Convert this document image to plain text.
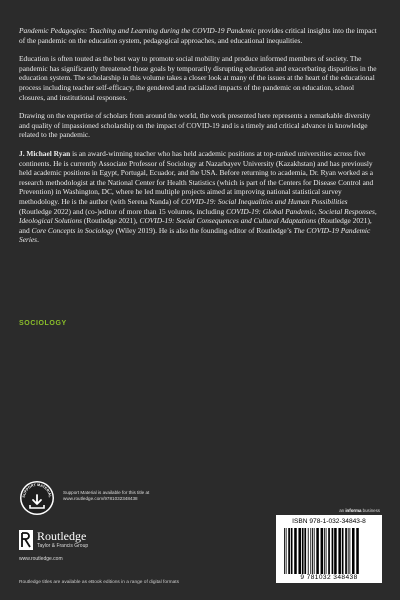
Pandemic Pedagogies: Teaching and Learning during the COVID-19 Pandemic provides critical insights into the impact of the pandemic on the education system, pedagogical approaches, and educational inequalities.

Education is often touted as the best way to promote social mobility and produce informed members of society. The pandemic has significantly threatened those goals by temporarily disrupting education and exacerbating disparities in the education system. The scholarship in this volume takes a closer look at many of the issues at the heart of the educational process including teacher self-efficacy, the gendered and racialized impacts of the pandemic on education, school closures, and institutional responses.

Drawing on the expertise of scholars from around the world, the work presented here represents a remarkable diversity and quality of impassioned scholarship on the impact of COVID-19 and is a timely and critical advance in knowledge related to the pandemic.

J. Michael Ryan is an award-winning teacher who has held academic positions at top-ranked universities across five continents. He is currently Associate Professor of Sociology at Nazarbayev University (Kazakhstan) and has previously held academic positions in Egypt, Portugal, Ecuador, and the USA. Before returning to academia, Dr. Ryan worked as a research methodologist at the National Center for Health Statistics (which is part of the Centers for Disease Control and Prevention) in Washington, DC, where he led multiple projects aimed at improving national statistical survey methodology. He is the author (with Serena Nanda) of COVID-19: Social Inequalities and Human Possibilities (Routledge 2022) and (co-)editor of more than 15 volumes, including COVID-19: Global Pandemic, Societal Responses, Ideological Solutions (Routledge 2021), COVID-19: Social Consequences and Cultural Adaptations (Routledge 2021), and Core Concepts in Sociology (Wiley 2019). He is also the founding editor of Routledge’s The COVID-19 Pandemic Series.

SOCIOLOGY
SUPPORT MATERIAL
Support Material is available for this title at
www.routledge.com/9781032348438
Routledge
Taylor & Francis Group
www.routledge.com
an informa business
ISBN 978-1-032-34843-8
9 781032 348438
Routledge titles are available as eBook editions in a range of digital formats
